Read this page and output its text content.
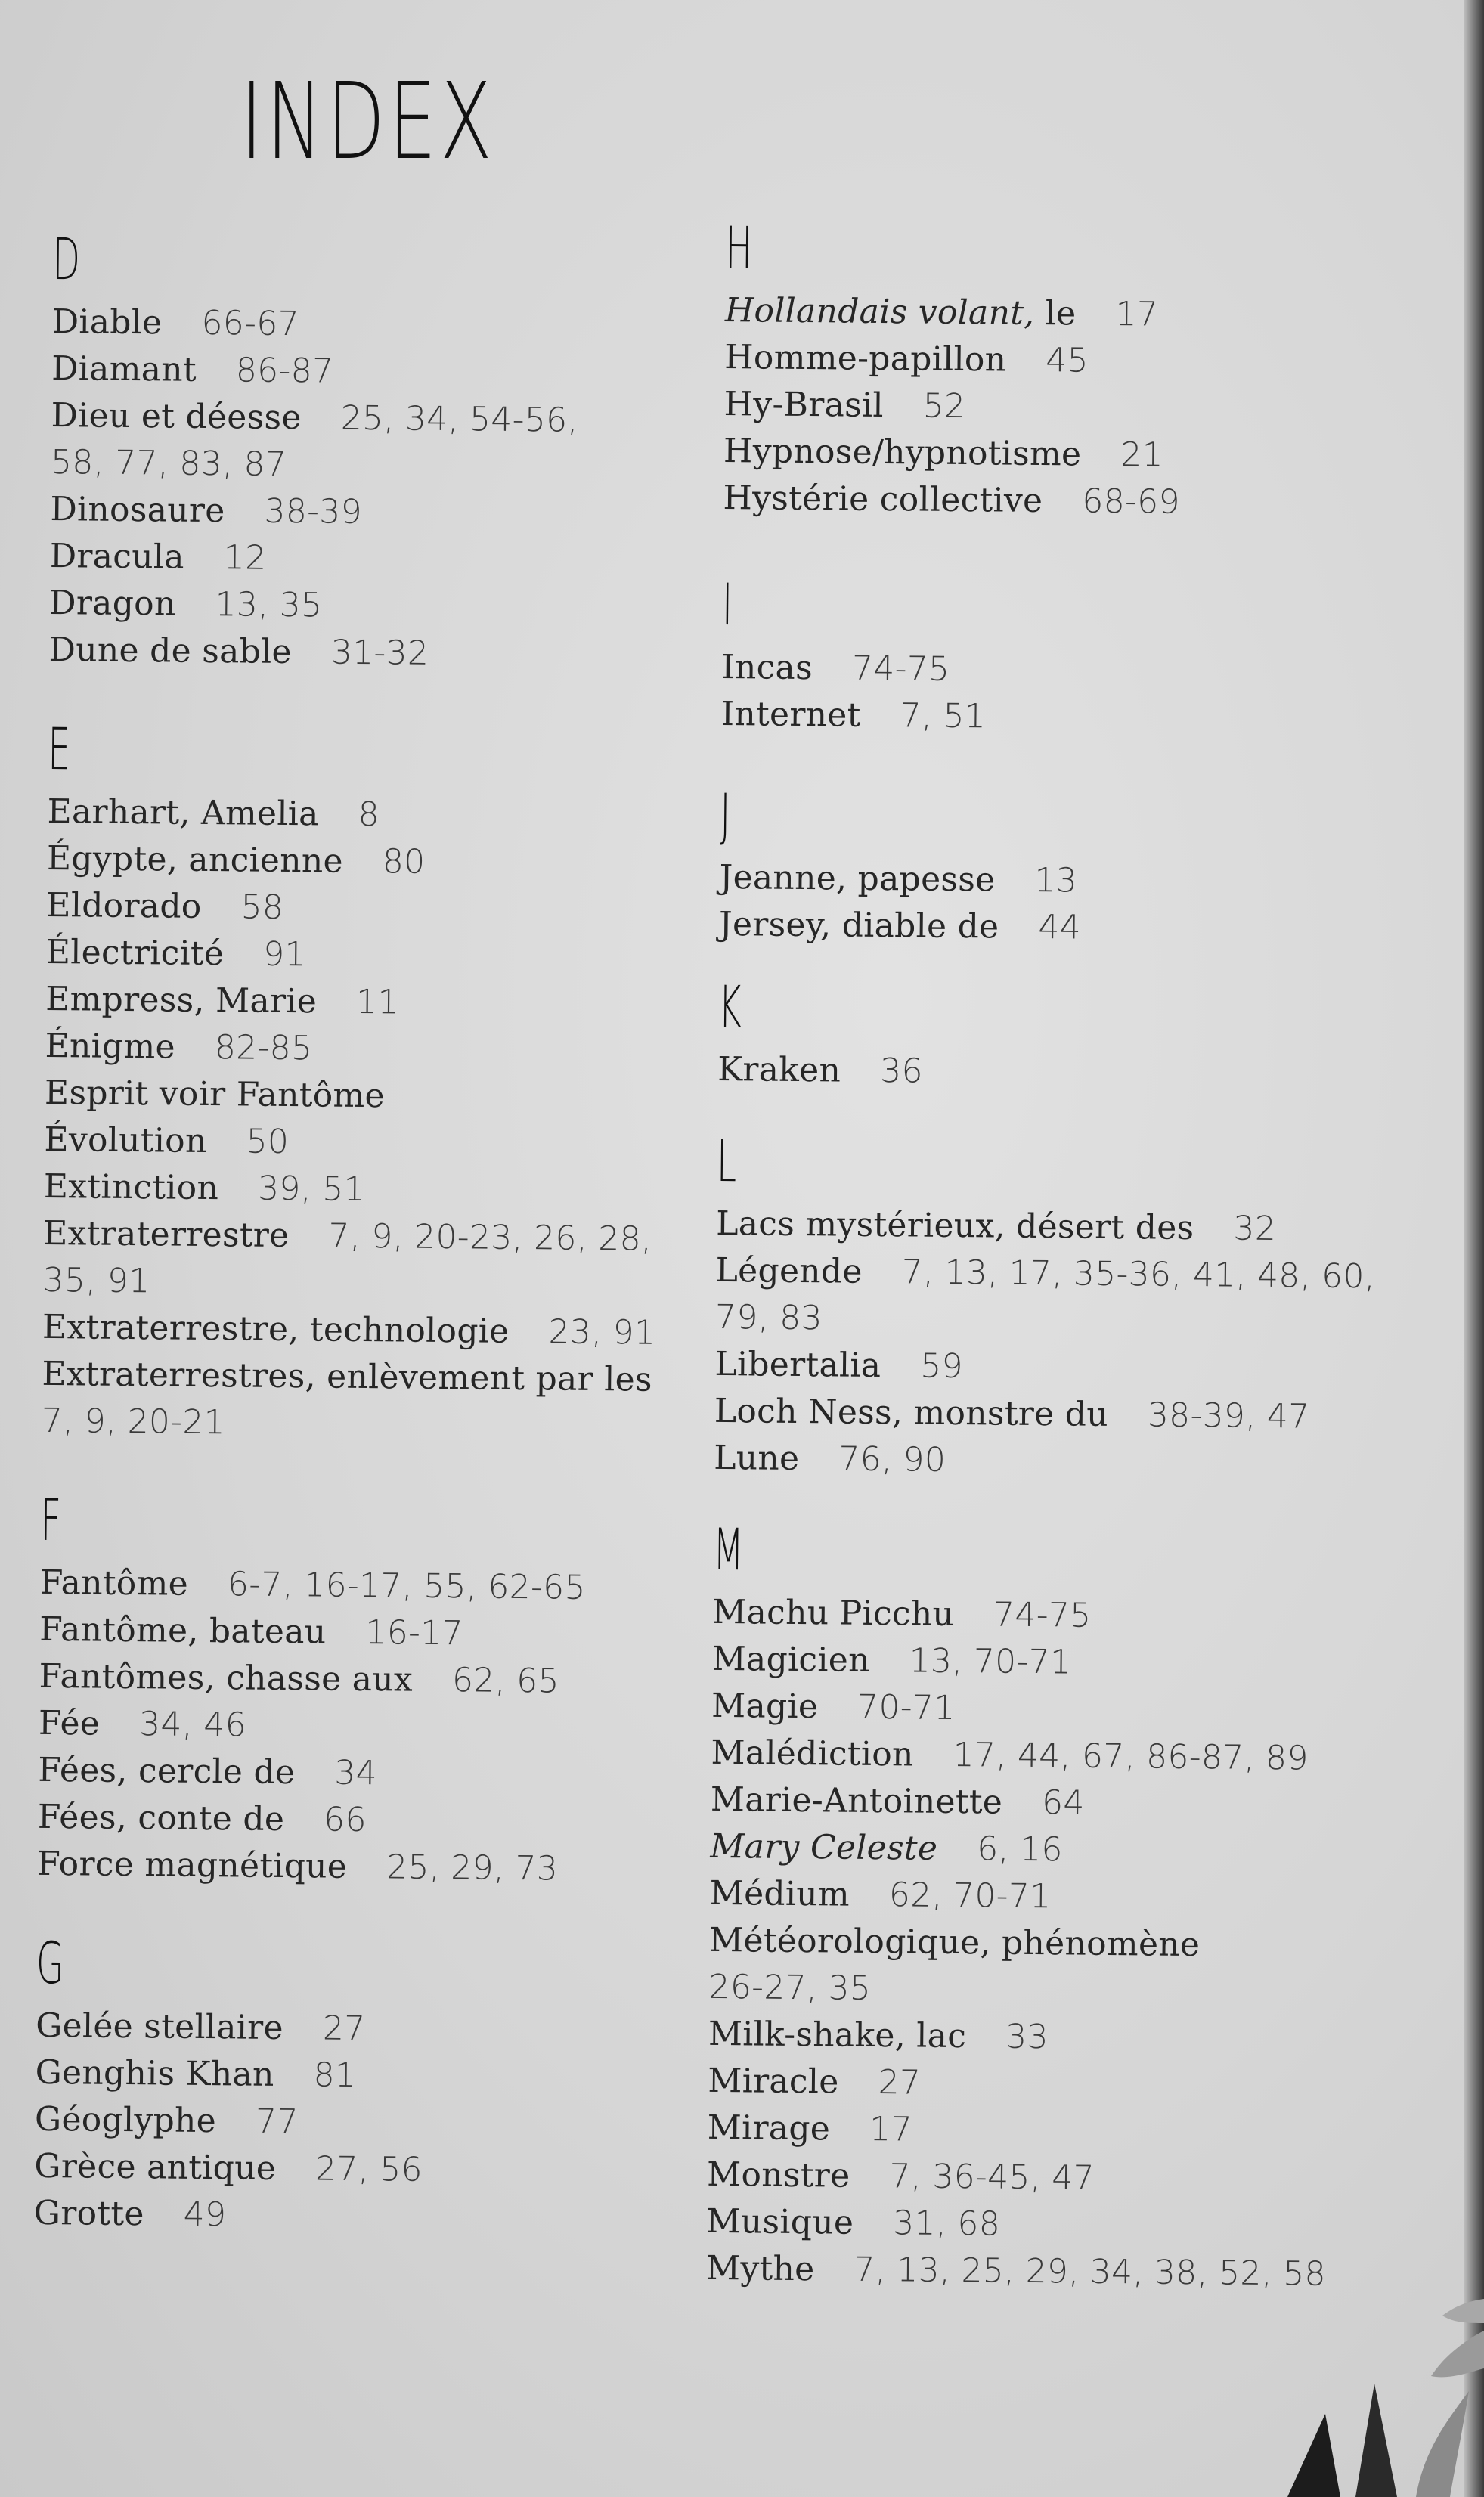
INDEX
D

Diable 66-67

Diamant 86-87

Dieu et déesse 25, 34, 54-56,

58, 77, 83, 87

Dinosaure 38-39

Dracula 12

Dragon 13, 35

Dune de sable 31-32

E

Earhart, Amelia 8

Égypte, ancienne 80

Eldorado 58

Électricité 91

Empress, Marie 11

Énigme 82-85

Esprit voir Fantôme

Évolution 50

Extinction 39, 51

Extraterrestre 7, 9, 20-23, 26, 28,

35, 91

Extraterrestre, technologie 23, 91

Extraterrestres, enlèvement par les

7, 9, 20-21

F

Fantôme 6-7, 16-17, 55, 62-65

Fantôme, bateau 16-17

Fantômes, chasse aux 62, 65

Fée 34, 46

Fées, cercle de 34

Fées, conte de 66

Force magnétique 25, 29, 73

G

Gelée stellaire 27

Genghis Khan 81

Géoglyphe 77

Grèce antique 27, 56

Grotte 49

H

Hollandais volant, le 17

Homme-papillon 45

Hy-Brasil 52

Hypnose/hypnotisme 21

Hystérie collective 68-69

I

Incas 74-75

Internet 7, 51

J

Jeanne, papesse 13

Jersey, diable de 44

K

Kraken 36

L

Lacs mystérieux, désert des 32

Légende 7, 13, 17, 35-36, 41, 48, 60,

79, 83

Libertalia 59

Loch Ness, monstre du 38-39, 47

Lune 76, 90

M

Machu Picchu 74-75

Magicien 13, 70-71

Magie 70-71

Malédiction 17, 44, 67, 86-87, 89

Marie-Antoinette 64

Mary Celeste 6, 16

Médium 62, 70-71

Météorologique, phénomène

26-27, 35

Milk-shake, lac 33

Miracle 27

Mirage 17

Monstre 7, 36-45, 47

Musique 31, 68

Mythe 7, 13, 25, 29, 34, 38, 52, 58
